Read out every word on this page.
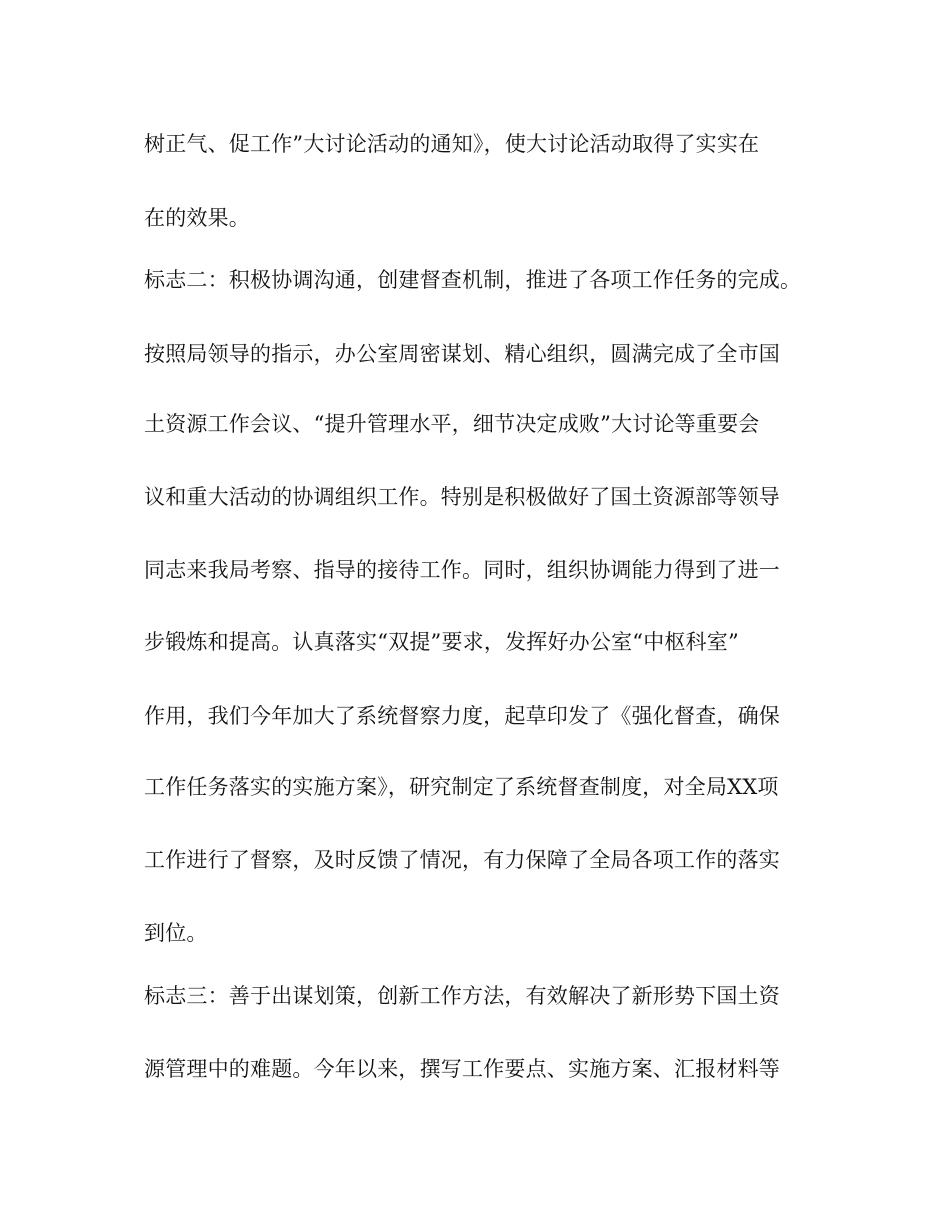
树正气、促工作”大讨论活动的通知》，使大讨论活动取得了实实在
在的效果。
标志二：积极协调沟通，创建督查机制，推进了各项工作任务的完成。
按照局领导的指示，办公室周密谋划、精心组织，圆满完成了全市国
土资源工作会议、“提升管理水平，细节决定成败”大讨论等重要会
议和重大活动的协调组织工作。特别是积极做好了国土资源部等领导
同志来我局考察、指导的接待工作。同时，组织协调能力得到了进一
步锻炼和提高。认真落实“双提”要求，发挥好办公室“中枢科室”
作用，我们今年加大了系统督察力度，起草印发了《强化督查，确保
工作任务落实的实施方案》，研究制定了系统督查制度，对全局XX项
工作进行了督察，及时反馈了情况，有力保障了全局各项工作的落实
到位。
标志三：善于出谋划策，创新工作方法，有效解决了新形势下国土资
源管理中的难题。今年以来，撰写工作要点、实施方案、汇报材料等
